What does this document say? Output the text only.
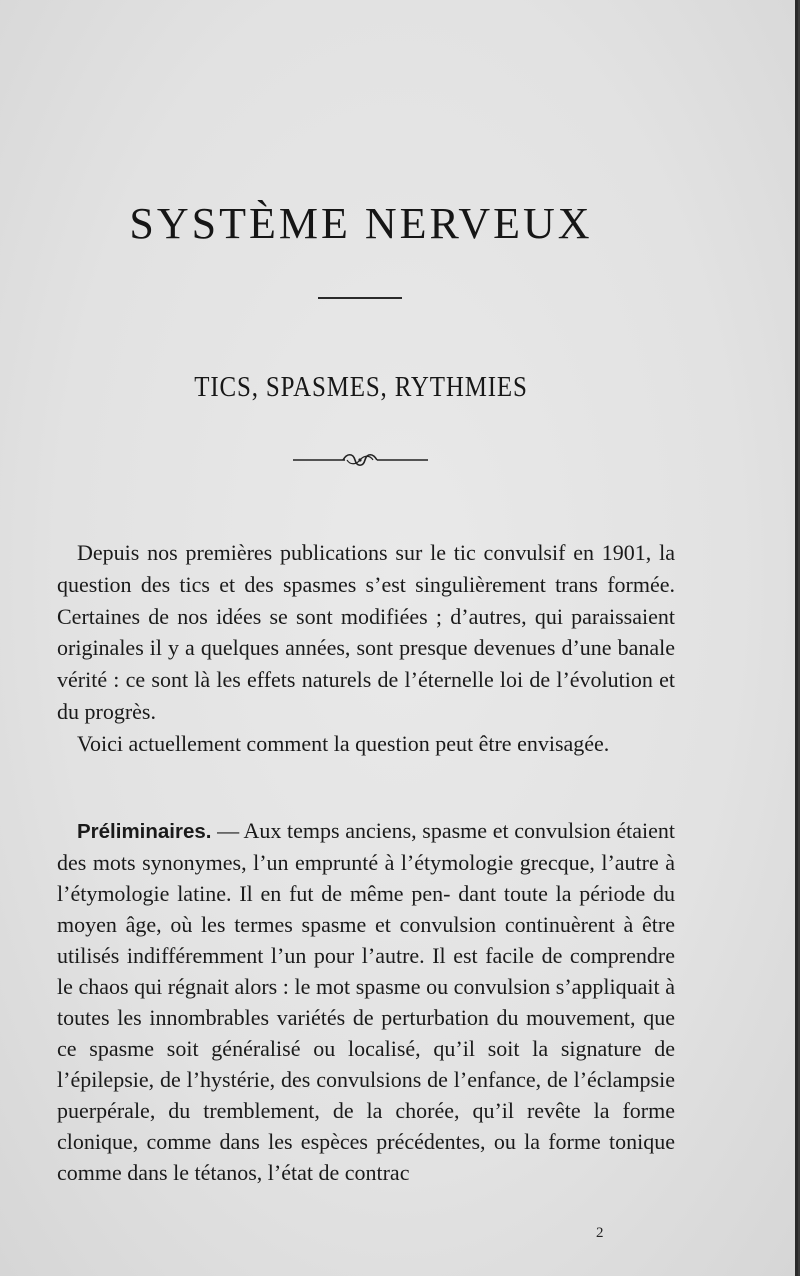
SYSTÈME NERVEUX
TICS, SPASMES, RYTHMIES

Depuis nos premières publications sur le tic convulsif en 1901, la question des tics et des spasmes s’est singulièrement trans formée. Certaines de nos idées se sont modifiées ; d’autres, qui paraissaient originales il y a quelques années, sont presque devenues d’une banale vérité : ce sont là les effets naturels de l’éternelle loi de l’évolution et du progrès.

Voici actuellement comment la question peut être envisagée.

Préliminaires. — Aux temps anciens, spasme et convulsion étaient des mots synonymes, l’un emprunté à l’étymologie grecque, l’autre à l’étymologie latine. Il en fut de même pen- dant toute la période du moyen âge, où les termes spasme et convulsion continuèrent à être utilisés indifféremment l’un pour l’autre. Il est facile de comprendre le chaos qui régnait alors : le mot spasme ou convulsion s’appliquait à toutes les innombrables variétés de perturbation du mouvement, que ce spasme soit généralisé ou localisé, qu’il soit la signature de l’épilepsie, de l’hystérie, des convulsions de l’enfance, de l’éclampsie puerpérale, du tremblement, de la chorée, qu’il revête la forme clonique, comme dans les espèces précédentes, ou la forme tonique comme dans le tétanos, l’état de contrac

2
